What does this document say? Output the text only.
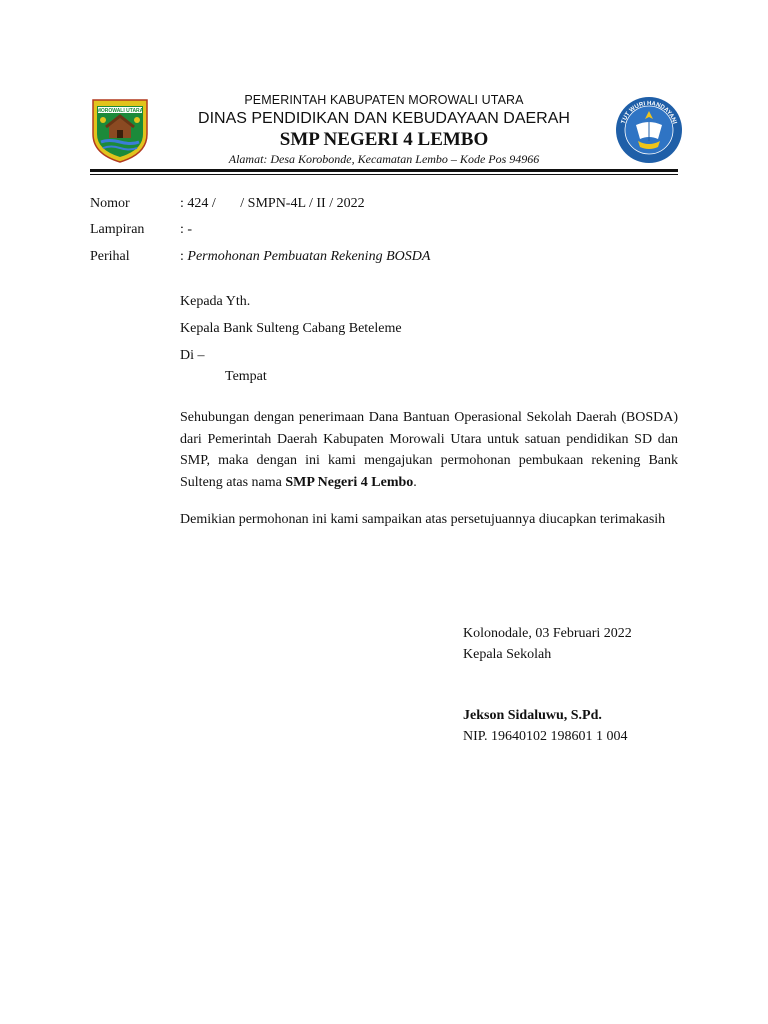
MOROWALI UTARA
TUT WURI HANDAYANI
PEMERINTAH KABUPATEN MOROWALI UTARA
DINAS PENDIDIKAN DAN KEBUDAYAAN DAERAH
SMP NEGERI 4 LEMBO
Alamat: Desa Korobonde, Kecamatan Lembo – Kode Pos 94966
Nomor	: 424 /       / SMPN-4L / II / 2022
Lampiran	: -
Perihal	: Permohonan Pembuatan Rekening BOSDA
Kepada Yth.
Kepala Bank Sulteng Cabang Beteleme
Di –
Tempat
Sehubungan dengan penerimaan Dana Bantuan Operasional Sekolah Daerah (BOSDA) dari Pemerintah Daerah Kabupaten Morowali Utara untuk satuan pendidikan SD dan SMP, maka dengan ini kami mengajukan permohonan pembukaan rekening Bank Sulteng atas nama SMP Negeri 4 Lembo.
Demikian permohonan ini kami sampaikan atas persetujuannya diucapkan terimakasih
Kolonodale, 03 Februari 2022
Kepala Sekolah
Jekson Sidaluwu, S.Pd.
NIP. 19640102 198601 1 004
